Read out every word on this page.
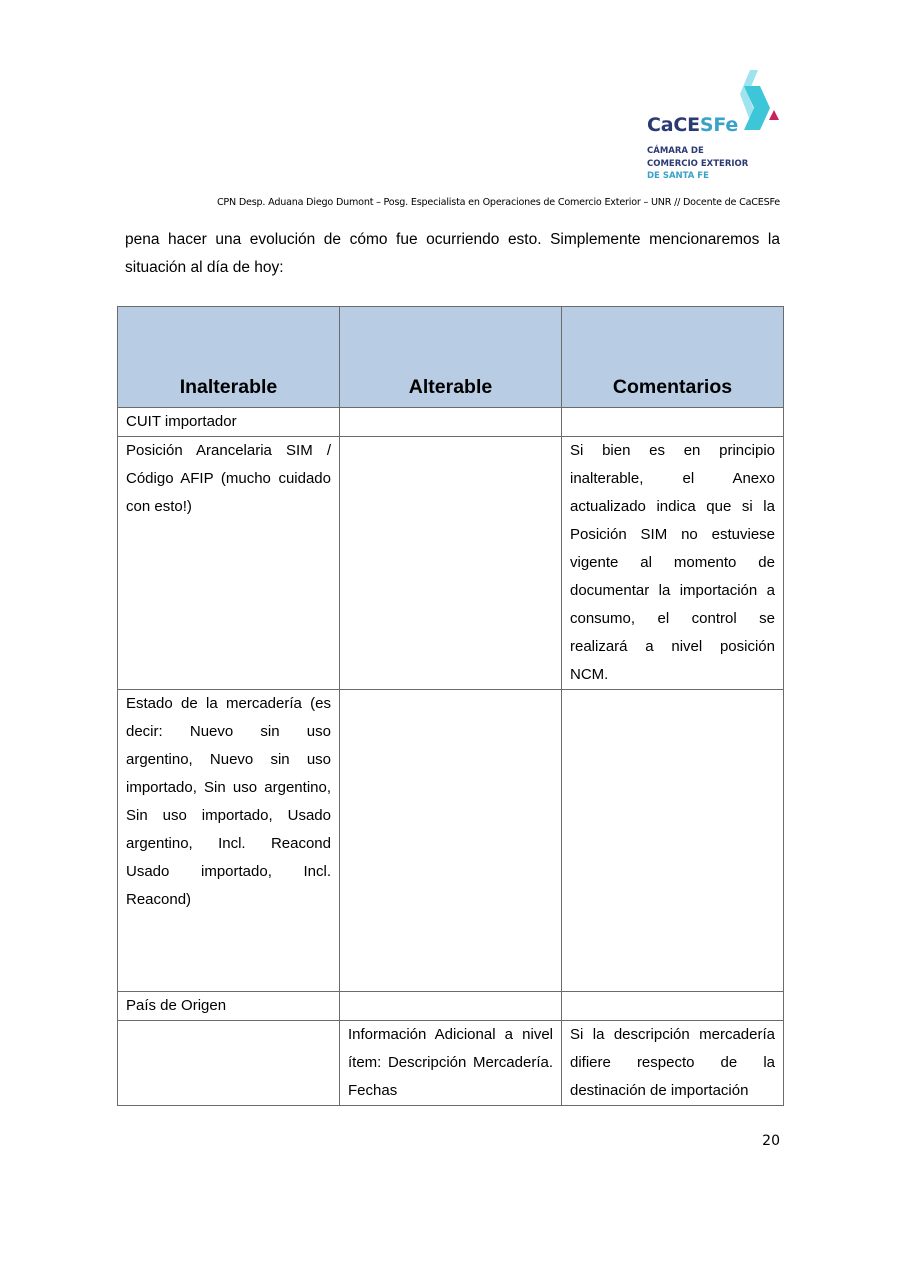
CaCESFe
CÁMARA DE
COMERCIO EXTERIOR
DE SANTA FE
CPN Desp. Aduana Diego Dumont – Posg. Especialista en Operaciones de Comercio Exterior – UNR // Docente de CaCESFe
pena hacer una evolución de cómo fue ocurriendo esto. Simplemente mencionaremos la situación al día de hoy:
Inalterable	Alterable	Comentarios
CUIT importador		
Posición Arancelaria SIM / Código AFIP (mucho cuidado con esto!)		Si bien es en principio inalterable, el Anexo actualizado indica que si la Posición SIM no estuviese vigente al momento de documentar la importación a consumo, el control se realizará a nivel posición NCM.
Estado de la mercadería (es decir: Nuevo sin uso argentino, Nuevo sin uso importado, Sin uso argentino, Sin uso importado, Usado argentino, Incl. Reacond Usado importado, Incl. Reacond)		
País de Origen		
	Información Adicional a nivel ítem: Descripción Mercadería. Fechas	Si la descripción mercadería difiere respecto de la destinación de importación
20
